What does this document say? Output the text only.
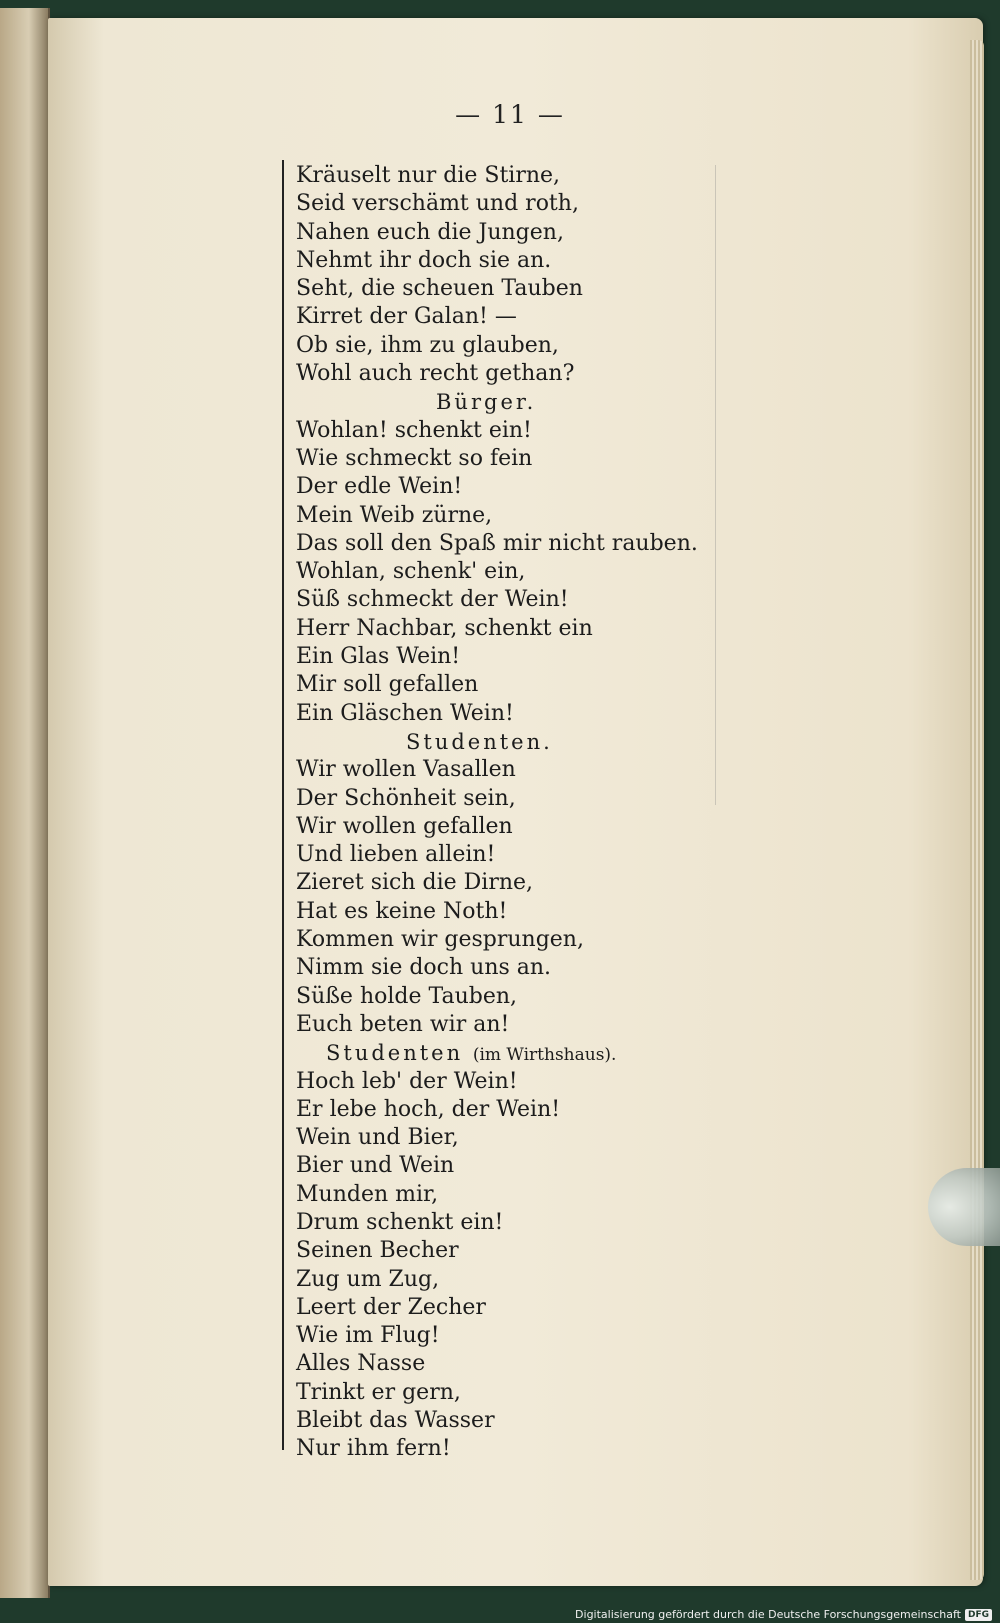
— 11 —
Kräuselt nur die Stirne,
Seid verschämt und roth,
Nahen euch die Jungen,
Nehmt ihr doch sie an.
Seht, die scheuen Tauben
Kirret der Galan! —
Ob sie, ihm zu glauben,
Wohl auch recht gethan?
Bürger.
Wohlan! schenkt ein!
Wie schmeckt so fein
Der edle Wein!
Mein Weib zürne,
Das soll den Spaß mir nicht rauben.
Wohlan, schenk' ein,
Süß schmeckt der Wein!
Herr Nachbar, schenkt ein
Ein Glas Wein!
Mir soll gefallen
Ein Gläschen Wein!
Studenten.
Wir wollen Vasallen
Der Schönheit sein,
Wir wollen gefallen
Und lieben allein!
Zieret sich die Dirne,
Hat es keine Noth!
Kommen wir gesprungen,
Nimm sie doch uns an.
Süße holde Tauben,
Euch beten wir an!
Studenten (im Wirthshaus).
Hoch leb' der Wein!
Er lebe hoch, der Wein!
Wein und Bier,
Bier und Wein
Munden mir,
Drum schenkt ein!
Seinen Becher
Zug um Zug,
Leert der Zecher
Wie im Flug!
Alles Nasse
Trinkt er gern,
Bleibt das Wasser
Nur ihm fern!
Digitalisierung gefördert durch die Deutsche Forschungsgemeinschaft DFG
